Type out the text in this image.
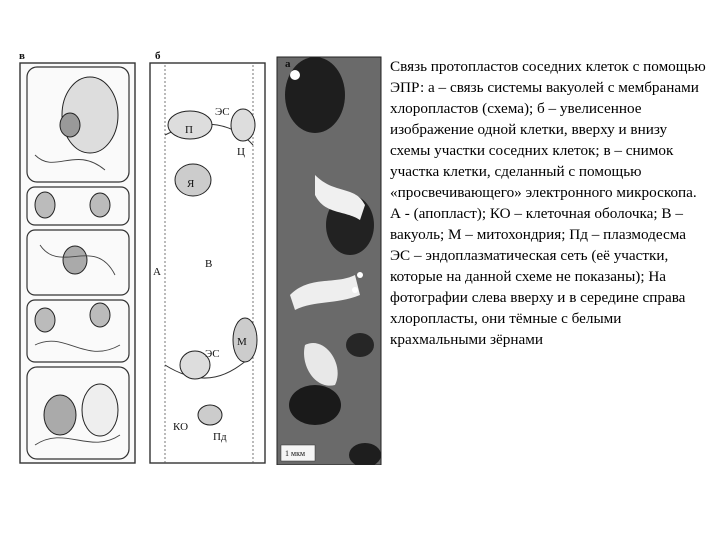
в	б
ЭС
П
Ц
Я
А
В
ЭС
М
КО
Пд
а
1 мкм
Связь протопластов соседних клеток с помощью ЭПР: а – связь системы вакуолей с мембранами хлоропластов (схема); б – увелисенное изображение одной клетки, вверху и внизу схемы участки соседних клеток; в – снимок участка клетки, сделанный с помощью «просвечивающего» электронного микроскопа. А - (апопласт); КО – клеточная оболочка; В – вакуоль; М – митохондрия; Пд – плазмодесма ЭС – эндоплазматическая сеть (её участки, которые на данной схеме не показаны); На фотографии слева вверху и в середине справа хлоропласты, они тёмные с белыми крахмальными зёрнами
